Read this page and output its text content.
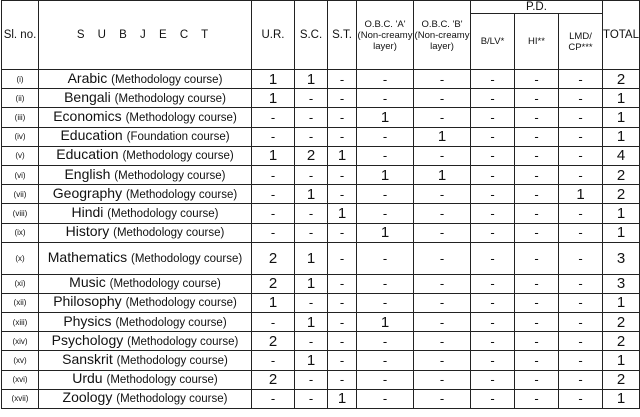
Sl. no.	S U B J E C T	U.R.	S.C.	S.T.	O.B.C. 'A' (Non-creamy layer)	O.B.C. 'B' (Non-creamy layer)	P.D.			TOTAL
							B/LV*	HI**	LMD/ CP***	
(i)	Arabic (Methodology course)	1	1	-	-	-	-	-	-	2
(ii)	Bengali (Methodology course)	1	-	-	-	-	-	-	-	1
(iii)	Economics (Methodology course)	-	-	-	1	-	-	-	-	1
(iv)	Education (Foundation course)	-	-	-	-	1	-	-	-	1
(v)	Education (Methodology course)	1	2	1	-	-	-	-	-	4
(vi)	English (Methodology course)	-	-	-	1	1	-	-	-	2
(vii)	Geography (Methodology course)	-	1	-	-	-	-	-	1	2
(viii)	Hindi (Methodology course)	-	-	1	-	-	-	-	-	1
(ix)	History (Methodology course)	-	-	-	1	-	-	-	-	1
(x)	Mathematics (Methodology course)	2	1	-	-	-	-	-	-	3
(xi)	Music (Methodology course)	2	1	-	-	-	-	-	-	3
(xii)	Philosophy (Methodology course)	1	-	-	-	-	-	-	-	1
(xiii)	Physics (Methodology course)	-	1	-	1	-	-	-	-	2
(xiv)	Psychology (Methodology course)	2	-	-	-	-	-	-	-	2
(xv)	Sanskrit (Methodology course)	-	1	-	-	-	-	-	-	1
(xvi)	Urdu (Methodology course)	2	-	-	-	-	-	-	-	2
(xvii)	Zoology (Methodology course)	-	-	1	-	-	-	-	-	1
